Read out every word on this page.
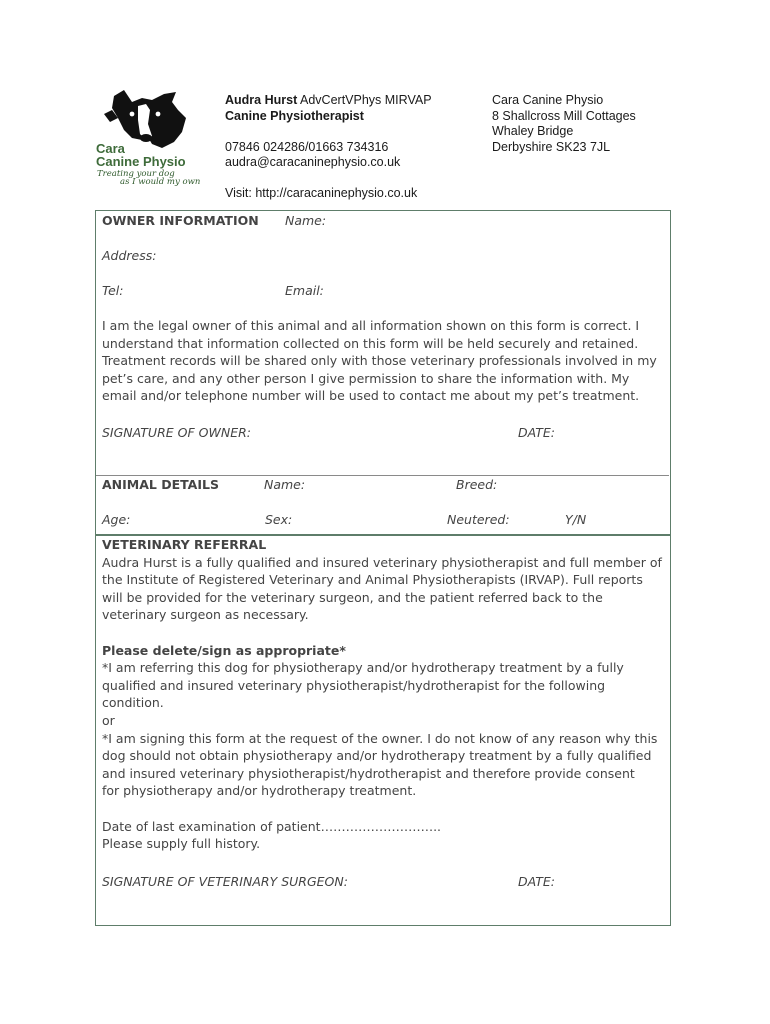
Cara
Canine Physio
Treating your dog
as I would my own
Audra Hurst AdvCertVPhys MIRVAP
Canine Physiotherapist
07846 024286/01663 734316
audra@caracaninephysio.co.uk
Visit: http://caracaninephysio.co.uk
Cara Canine Physio
8 Shallcross Mill Cottages
Whaley Bridge
Derbyshire SK23 7JL
OWNER INFORMATION Name:
Address:
Tel:	Email:
I am the legal owner of this animal and all information shown on this form is correct. I
understand that information collected on this form will be held securely and retained.
Treatment records will be shared only with those veterinary professionals involved in my
pet’s care, and any other person I give permission to share the information with. My
email and/or telephone number will be used to contact me about my pet’s treatment.
SIGNATURE OF OWNER:	DATE:
ANIMAL DETAILS	Name:	Breed:
Age:	Sex:	Neutered:	Y/N
VETERINARY REFERRAL
Audra Hurst is a fully qualified and insured veterinary physiotherapist and full member of
the Institute of Registered Veterinary and Animal Physiotherapists (IRVAP). Full reports
will be provided for the veterinary surgeon, and the patient referred back to the
veterinary surgeon as necessary.
Please delete/sign as appropriate*
*I am referring this dog for physiotherapy and/or hydrotherapy treatment by a fully
qualified and insured veterinary physiotherapist/hydrotherapist for the following
condition.
or
*I am signing this form at the request of the owner. I do not know of any reason why this
dog should not obtain physiotherapy and/or hydrotherapy treatment by a fully qualified
and insured veterinary physiotherapist/hydrotherapist and therefore provide consent
for physiotherapy and/or hydrotherapy treatment.
Date of last examination of patient………………………..
Please supply full history.
SIGNATURE OF VETERINARY SURGEON:	DATE:
